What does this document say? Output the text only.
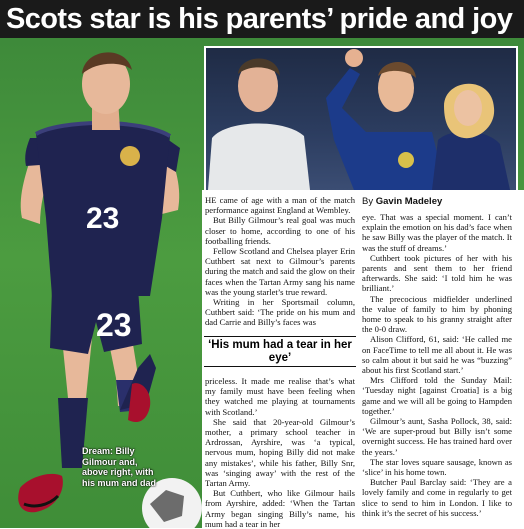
Scots star is his parents’ pride and joy
23
23
Dream: Billy Gilmour and, above right, with his mum and dad
By Gavin Madeley

HE came of age with a man of the match performance against England at Wembley.

But Billy Gilmour’s real goal was much closer to home, according to one of his footballing friends.

Fellow Scotland and Chelsea player Erin Cuthbert sat next to Gilmour’s parents during the match and said the glow on their faces when the Tartan Army sang his name was the young starlet’s true reward.

Writing in her Sportsmail column, Cuthbert said: ‘The pride on his mum and dad Carrie and Billy’s faces was

‘His mum had a tear in her eye’

priceless. It made me realise that’s what my family must have been feeling when they watched me playing at tournaments with Scotland.’

She said that 20-year-old Gilmour’s mother, a primary school teacher in Ardrossan, Ayrshire, was ‘a typical, nervous mum, hoping Billy did not make any mistakes’, while his father, Billy Snr, was ‘singing away’ with the rest of the Tartan Army.

But Cuthbert, who like Gilmour hails from Ayrshire, added: ‘When the Tartan Army began singing Billy’s name, his mum had a tear in her

eye. That was a special moment. I can’t explain the emotion on his dad’s face when he saw Billy was the player of the match. It was the stuff of dreams.’

Cuthbert took pictures of her with his parents and sent them to her friend afterwards. She said: ‘I told him he was brilliant.’

The precocious midfielder underlined the value of family to him by phoning home to speak to his granny straight after the 0-0 draw.

Alison Clifford, 61, said: ‘He called me on FaceTime to tell me all about it. He was so calm about it but said he was “buzzing” about his first Scotland start.’

Mrs Clifford told the Sunday Mail: ‘Tuesday night [against Croatia] is a big game and we will all be going to Hampden together.’

Gilmour’s aunt, Sasha Pollock, 38, said: ‘We are super-proud but Billy isn’t some overnight success. He has trained hard over the years.’

The star loves square sausage, known as ‘slice’ in his home town.

Butcher Paul Barclay said: ‘They are a lovely family and come in regularly to get slice to send to him in London. I like to think it’s the secret of his success.’
